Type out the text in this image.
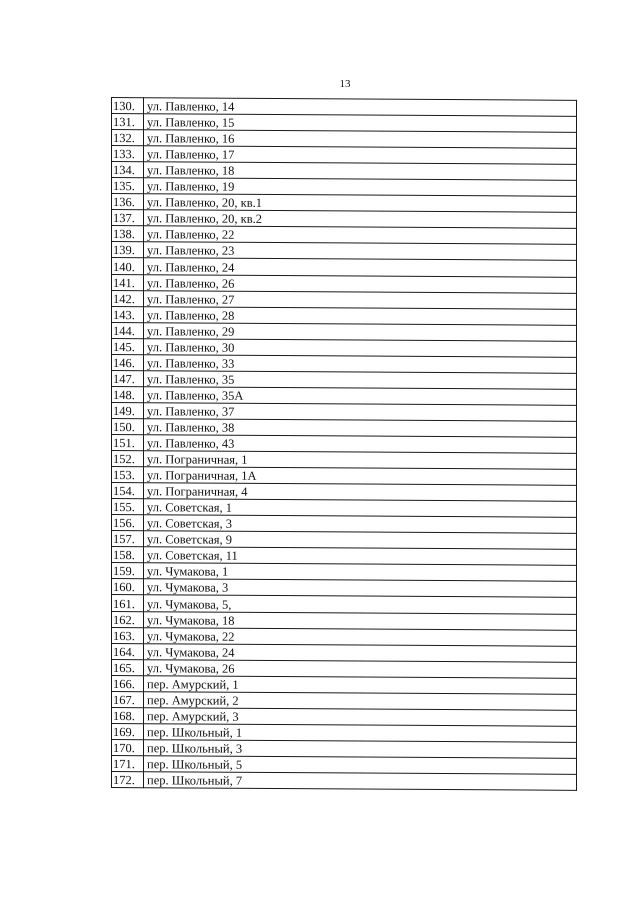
13
130.	ул. Павленко, 14
131.	ул. Павленко, 15
132.	ул. Павленко, 16
133.	ул. Павленко, 17
134.	ул. Павленко, 18
135.	ул. Павленко, 19
136.	ул. Павленко, 20, кв.1
137.	ул. Павленко, 20, кв.2
138.	ул. Павленко, 22
139.	ул. Павленко, 23
140.	ул. Павленко, 24
141.	ул. Павленко, 26
142.	ул. Павленко, 27
143.	ул. Павленко, 28
144.	ул. Павленко, 29
145.	ул. Павленко, 30
146.	ул. Павленко, 33
147.	ул. Павленко, 35
148.	ул. Павленко, 35А
149.	ул. Павленко, 37
150.	ул. Павленко, 38
151.	ул. Павленко, 43
152.	ул. Пограничная, 1
153.	ул. Пограничная, 1А
154.	ул. Пограничная, 4
155.	ул. Советская, 1
156.	ул. Советская, 3
157.	ул. Советская, 9
158.	ул. Советская, 11
159.	ул. Чумакова, 1
160.	ул. Чумакова, 3
161.	ул. Чумакова, 5,
162.	ул. Чумакова, 18
163.	ул. Чумакова, 22
164.	ул. Чумакова, 24
165.	ул. Чумакова, 26
166.	пер. Амурский, 1
167.	пер. Амурский, 2
168.	пер. Амурский, 3
169.	пер. Школьный, 1
170.	пер. Школьный, 3
171.	пер. Школьный, 5
172.	пер. Школьный, 7
